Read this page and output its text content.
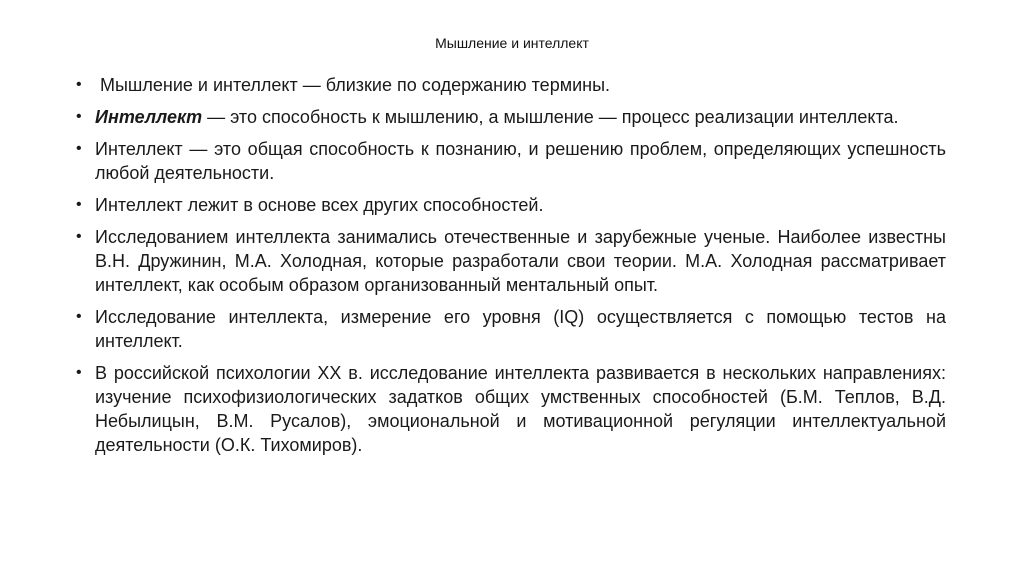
Мышление и интеллект
• Мышление и интеллект — близкие по содержанию термины.
• Интеллект — это способность к мышлению, а мышление — процесс реализации интеллекта.
• Интеллект — это общая способность к познанию, и решению проблем, определяющих успешность любой деятельности.
• Интеллект лежит в основе всех других способностей.
• Исследованием интеллекта занимались отечественные и зарубежные ученые. Наиболее известны В.Н. Дружинин, М.А. Холодная, которые разработали свои теории. М.А. Холодная рассматривает интеллект, как особым образом организованный ментальный опыт.
• Исследование интеллекта, измерение его уровня (IQ) осуществляется с помощью тестов на интеллект.
• В российской психологии XX в. исследование интеллекта развивается в нескольких направлениях: изучение психофизиологических задатков общих умственных способностей (Б.М. Теплов, В.Д. Небылицын, В.М. Русалов), эмоциональной и мотивационной регуляции интеллектуальной деятельности (О.К. Тихомиров).
